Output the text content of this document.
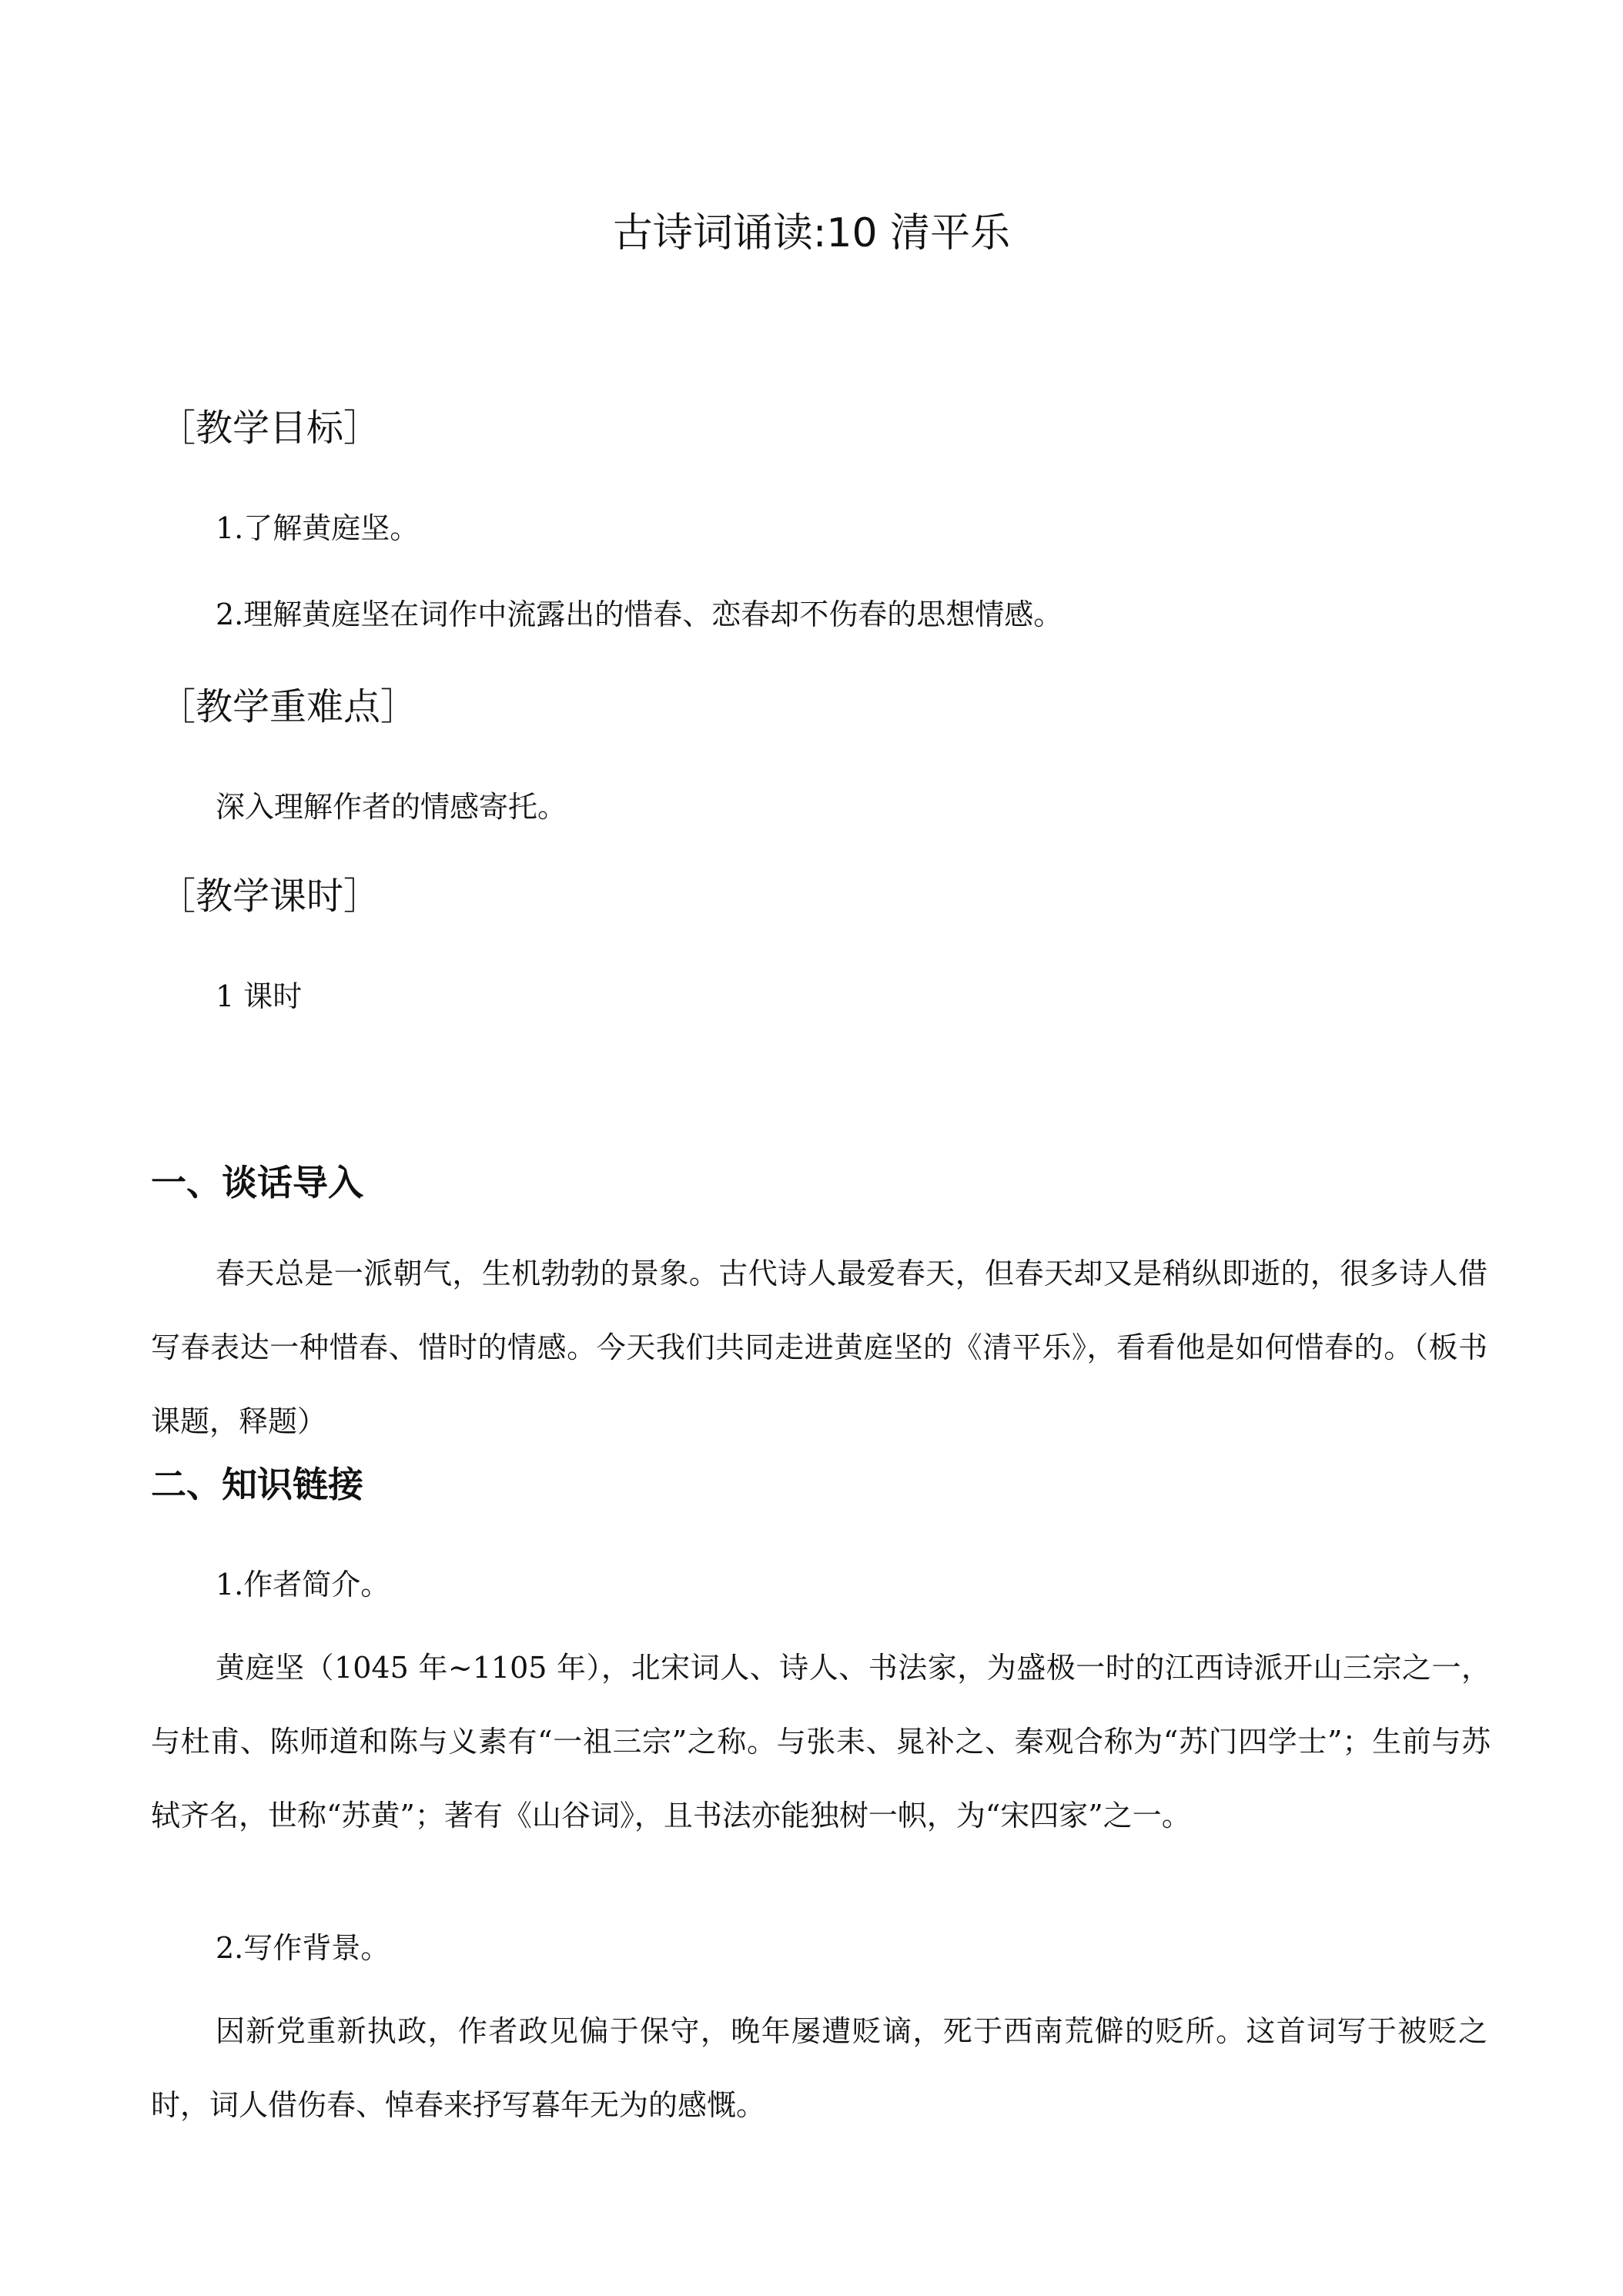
古诗词诵读:10 清平乐
［教学目标］
1.了解黄庭坚。
2.理解黄庭坚在词作中流露出的惜春、恋春却不伤春的思想情感。
［教学重难点］
深入理解作者的情感寄托。
［教学课时］
1 课时
一、谈话导入
春天总是一派朝气，生机勃勃的景象。古代诗人最爱春天，但春天却又是稍纵即逝的，很多诗人借写春表达一种惜春、惜时的情感。今天我们共同走进黄庭坚的《清平乐》，看看他是如何惜春的。（板书课题，释题）
二、知识链接
1.作者简介。
黄庭坚（1045 年~1105 年），北宋词人、诗人、书法家，为盛极一时的江西诗派开山三宗之一，与杜甫、陈师道和陈与义素有“一祖三宗”之称。与张耒、晁补之、秦观合称为“苏门四学士”；生前与苏轼齐名，世称“苏黄”；著有《山谷词》，且书法亦能独树一帜，为“宋四家”之一。
2.写作背景。
因新党重新执政，作者政见偏于保守，晚年屡遭贬谪，死于西南荒僻的贬所。这首词写于被贬之时，词人借伤春、悼春来抒写暮年无为的感慨。
